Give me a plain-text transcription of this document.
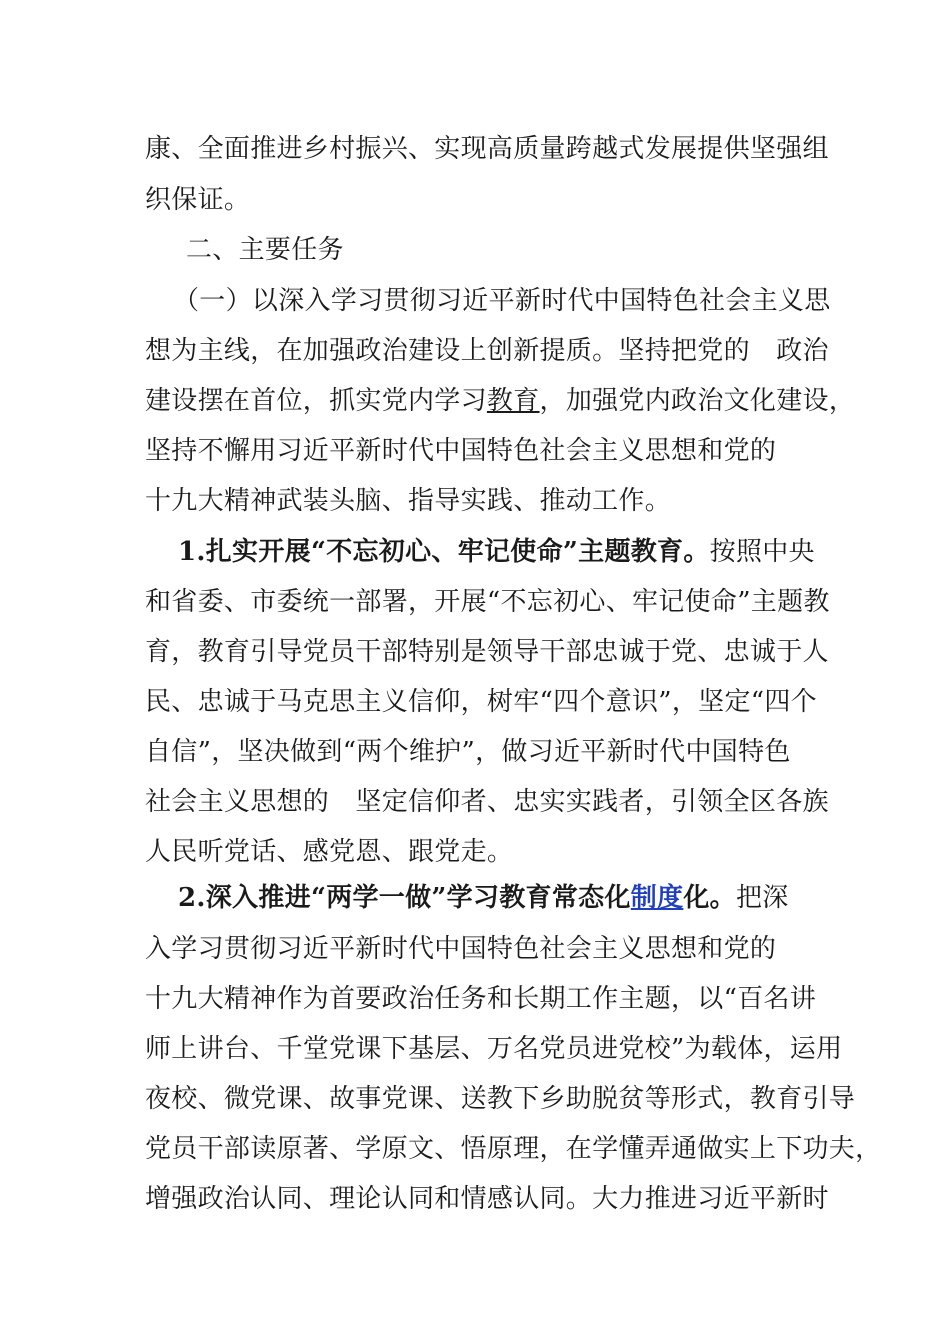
康、全面推进乡村振兴、实现高质量跨越式发展提供坚强组
织保证。
二、主要任务
（一）以深入学习贯彻习近平新时代中国特色社会主义思
想为主线，在加强政治建设上创新提质。坚持把党的　政治
建设摆在首位，抓实党内学习教育，加强党内政治文化建设，
坚持不懈用习近平新时代中国特色社会主义思想和党的
十九大精神武装头脑、指导实践、推动工作。
1.扎实开展“不忘初心、牢记使命”主题教育。按照中央
和省委、市委统一部署，开展“不忘初心、牢记使命”主题教
育，教育引导党员干部特别是领导干部忠诚于党、忠诚于人
民、忠诚于马克思主义信仰，树牢“四个意识”，坚定“四个
自信”，坚决做到“两个维护”，做习近平新时代中国特色
社会主义思想的　坚定信仰者、忠实实践者，引领全区各族
人民听党话、感党恩、跟党走。
2.深入推进“两学一做”学习教育常态化制度化。把深
入学习贯彻习近平新时代中国特色社会主义思想和党的
十九大精神作为首要政治任务和长期工作主题，以“百名讲
师上讲台、千堂党课下基层、万名党员进党校”为载体，运用
夜校、微党课、故事党课、送教下乡助脱贫等形式，教育引导
党员干部读原著、学原文、悟原理，在学懂弄通做实上下功夫，
增强政治认同、理论认同和情感认同。大力推进习近平新时
